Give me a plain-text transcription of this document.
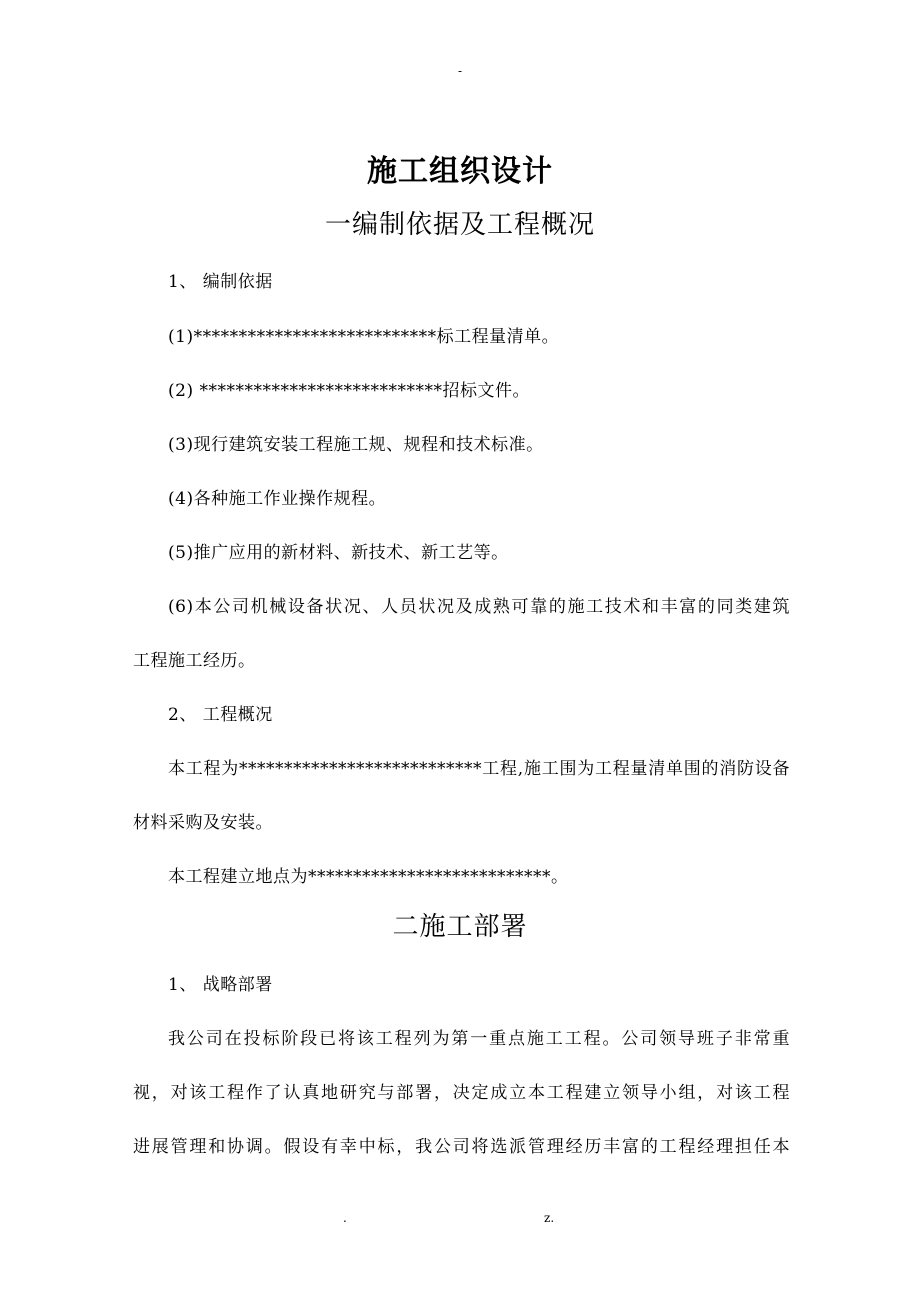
-
施工组织设计
一编制依据及工程概况
1、 编制依据
(1)***************************标工程量清单。
(2) ***************************招标文件。
(3)现行建筑安装工程施工规、规程和技术标准。
(4)各种施工作业操作规程。
(5)推广应用的新材料、新技术、新工艺等。
(6)本公司机械设备状况、人员状况及成熟可靠的施工技术和丰富的同类建筑
工程施工经历。
2、 工程概况
本工程为***************************工程,施工围为工程量清单围的消防设备
材料采购及安装。
本工程建立地点为***************************。
二施工部署
1、 战略部署
我公司在投标阶段已将该工程列为第一重点施工工程。公司领导班子非常重
视，对该工程作了认真地研究与部署，决定成立本工程建立领导小组，对该工程
进展管理和协调。假设有幸中标，我公司将选派管理经历丰富的工程经理担任本
.	z.
